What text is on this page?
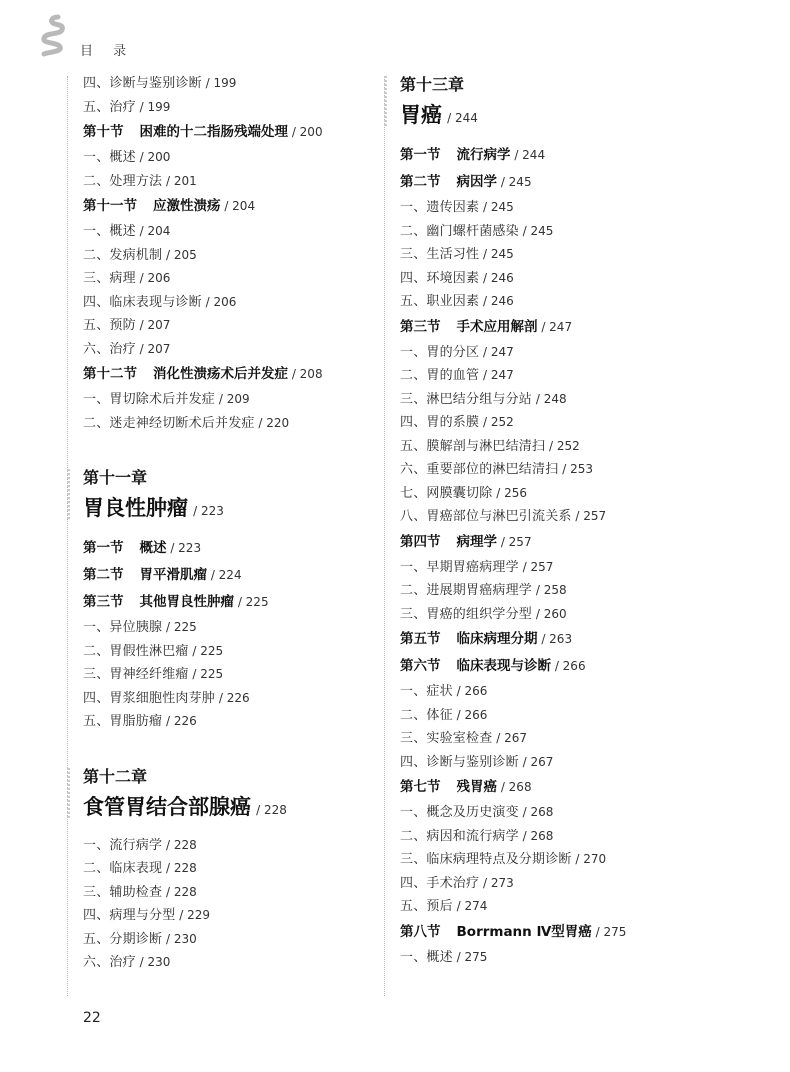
目 录
四、诊断与鉴别诊断 / 199
五、治疗 / 199
第十节 困难的十二指肠残端处理 / 200
一、概述 / 200
二、处理方法 / 201
第十一节 应激性溃疡 / 204
一、概述 / 204
二、发病机制 / 205
三、病理 / 206
四、临床表现与诊断 / 206
五、预防 / 207
六、治疗 / 207
第十二节 消化性溃疡术后并发症 / 208
一、胃切除术后并发症 / 209
二、迷走神经切断术后并发症 / 220
第十一章
胃良性肿瘤 / 223
第一节 概述 / 223
第二节 胃平滑肌瘤 / 224
第三节 其他胃良性肿瘤 / 225
一、异位胰腺 / 225
二、胃假性淋巴瘤 / 225
三、胃神经纤维瘤 / 225
四、胃浆细胞性肉芽肿 / 226
五、胃脂肪瘤 / 226
第十二章
食管胃结合部腺癌 / 228
一、流行病学 / 228
二、临床表现 / 228
三、辅助检查 / 228
四、病理与分型 / 229
五、分期诊断 / 230
六、治疗 / 230
第十三章
胃癌 / 244
第一节 流行病学 / 244
第二节 病因学 / 245
一、遗传因素 / 245
二、幽门螺杆菌感染 / 245
三、生活习性 / 245
四、环境因素 / 246
五、职业因素 / 246
第三节 手术应用解剖 / 247
一、胃的分区 / 247
二、胃的血管 / 247
三、淋巴结分组与分站 / 248
四、胃的系膜 / 252
五、膜解剖与淋巴结清扫 / 252
六、重要部位的淋巴结清扫 / 253
七、网膜囊切除 / 256
八、胃癌部位与淋巴引流关系 / 257
第四节 病理学 / 257
一、早期胃癌病理学 / 257
二、进展期胃癌病理学 / 258
三、胃癌的组织学分型 / 260
第五节 临床病理分期 / 263
第六节 临床表现与诊断 / 266
一、症状 / 266
二、体征 / 266
三、实验室检查 / 267
四、诊断与鉴别诊断 / 267
第七节 残胃癌 / 268
一、概念及历史演变 / 268
二、病因和流行病学 / 268
三、临床病理特点及分期诊断 / 270
四、手术治疗 / 273
五、预后 / 274
第八节 Borrmann Ⅳ型胃癌 / 275
一、概述 / 275
22
